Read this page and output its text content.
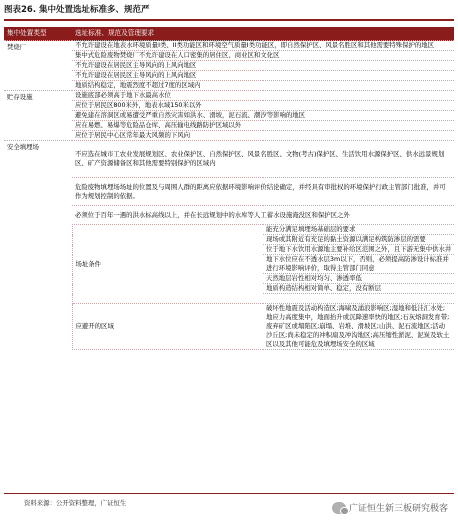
图表26. 集中处置选址标准多、规范严
集中处置类型	选址标准、规范及管理要求	
焚烧厂	不允许建设在地表水环境质量I类、II类功能区和环境空气质量I类功能区，即自然保护区、风景名胜区和其他需要特殊保护的地区	
	集中式危险废物焚烧厂不允许建设在人口密集的居住区、商业区和文化区	
	不允许建设在居民区主导风向的上风向地区	
	不允许建设在居民区主导风向的上风向地区	
	地质结构稳定，地震烈度不超过7度的区域内	
贮存设施	设施底部必须高于地下水最高水位	
	应位于居民区800米外，地表水域150米以外	
	避免建在溶洞区或易遭受严重自然灾害如洪水、滑坡，泥石流、潮汐等影响的地区	
	应在易燃、易爆等危险品仓库、高压输电线路防护区域以外	
	应位于居民中心区常年最大风频的下风向	
安全填埋场	不应选在城市工农业发展规划区、农业保护区、自然保护区、风景名胜区、文物(考古)保护区、生活饮用水源保护区、供水远景规划区、矿产资源储备区和其他需要特别保护的区域内	
	危险废物填埋场场址的位置及与周围人群的距离应依据环境影响评价结论确定，并经具有审批权的环境保护行政主管部门批准，并可作为规划控制的依据。	
	必须位于百年一遇的洪水标高线以上，并在长远规划中的水库等人工蓄水设施淹没区和保护区之外	
	场址条件	能充分满足填埋场基础层的要求
		现场或其附近有充足的黏土资源以满足构筑防渗层的需要
		位于地下水饮用水源地主要补给区范围之外，且下游无集中供水井
		地下水位应在不透水层3m以下，否则，必须提高防渗设计标准并进行环境影响评价，取得主管部门同意
		天然地层岩性相对均匀、渗透率低
		地质构造结构相对简单、稳定，没有断层

	应避开的区域	破坏性地震及活动构造区;海啸及涌浪影响区;湿地和低洼汇水处;地应力高度集中，地面抬升或沉降速率快的地区;石灰熔洞发育带;废弃矿区或塌陷区;崩塌、岩堆、滑坡区;山洪、泥石流地区;活动沙丘区;尚未稳定的冲积扇及冲沟地区;高压缩性淤泥、泥炭及软土区以及其他可能危及填埋场安全的区域
资料来源：公开资料整理，广证恒生
广证恒生新三板研究极客
